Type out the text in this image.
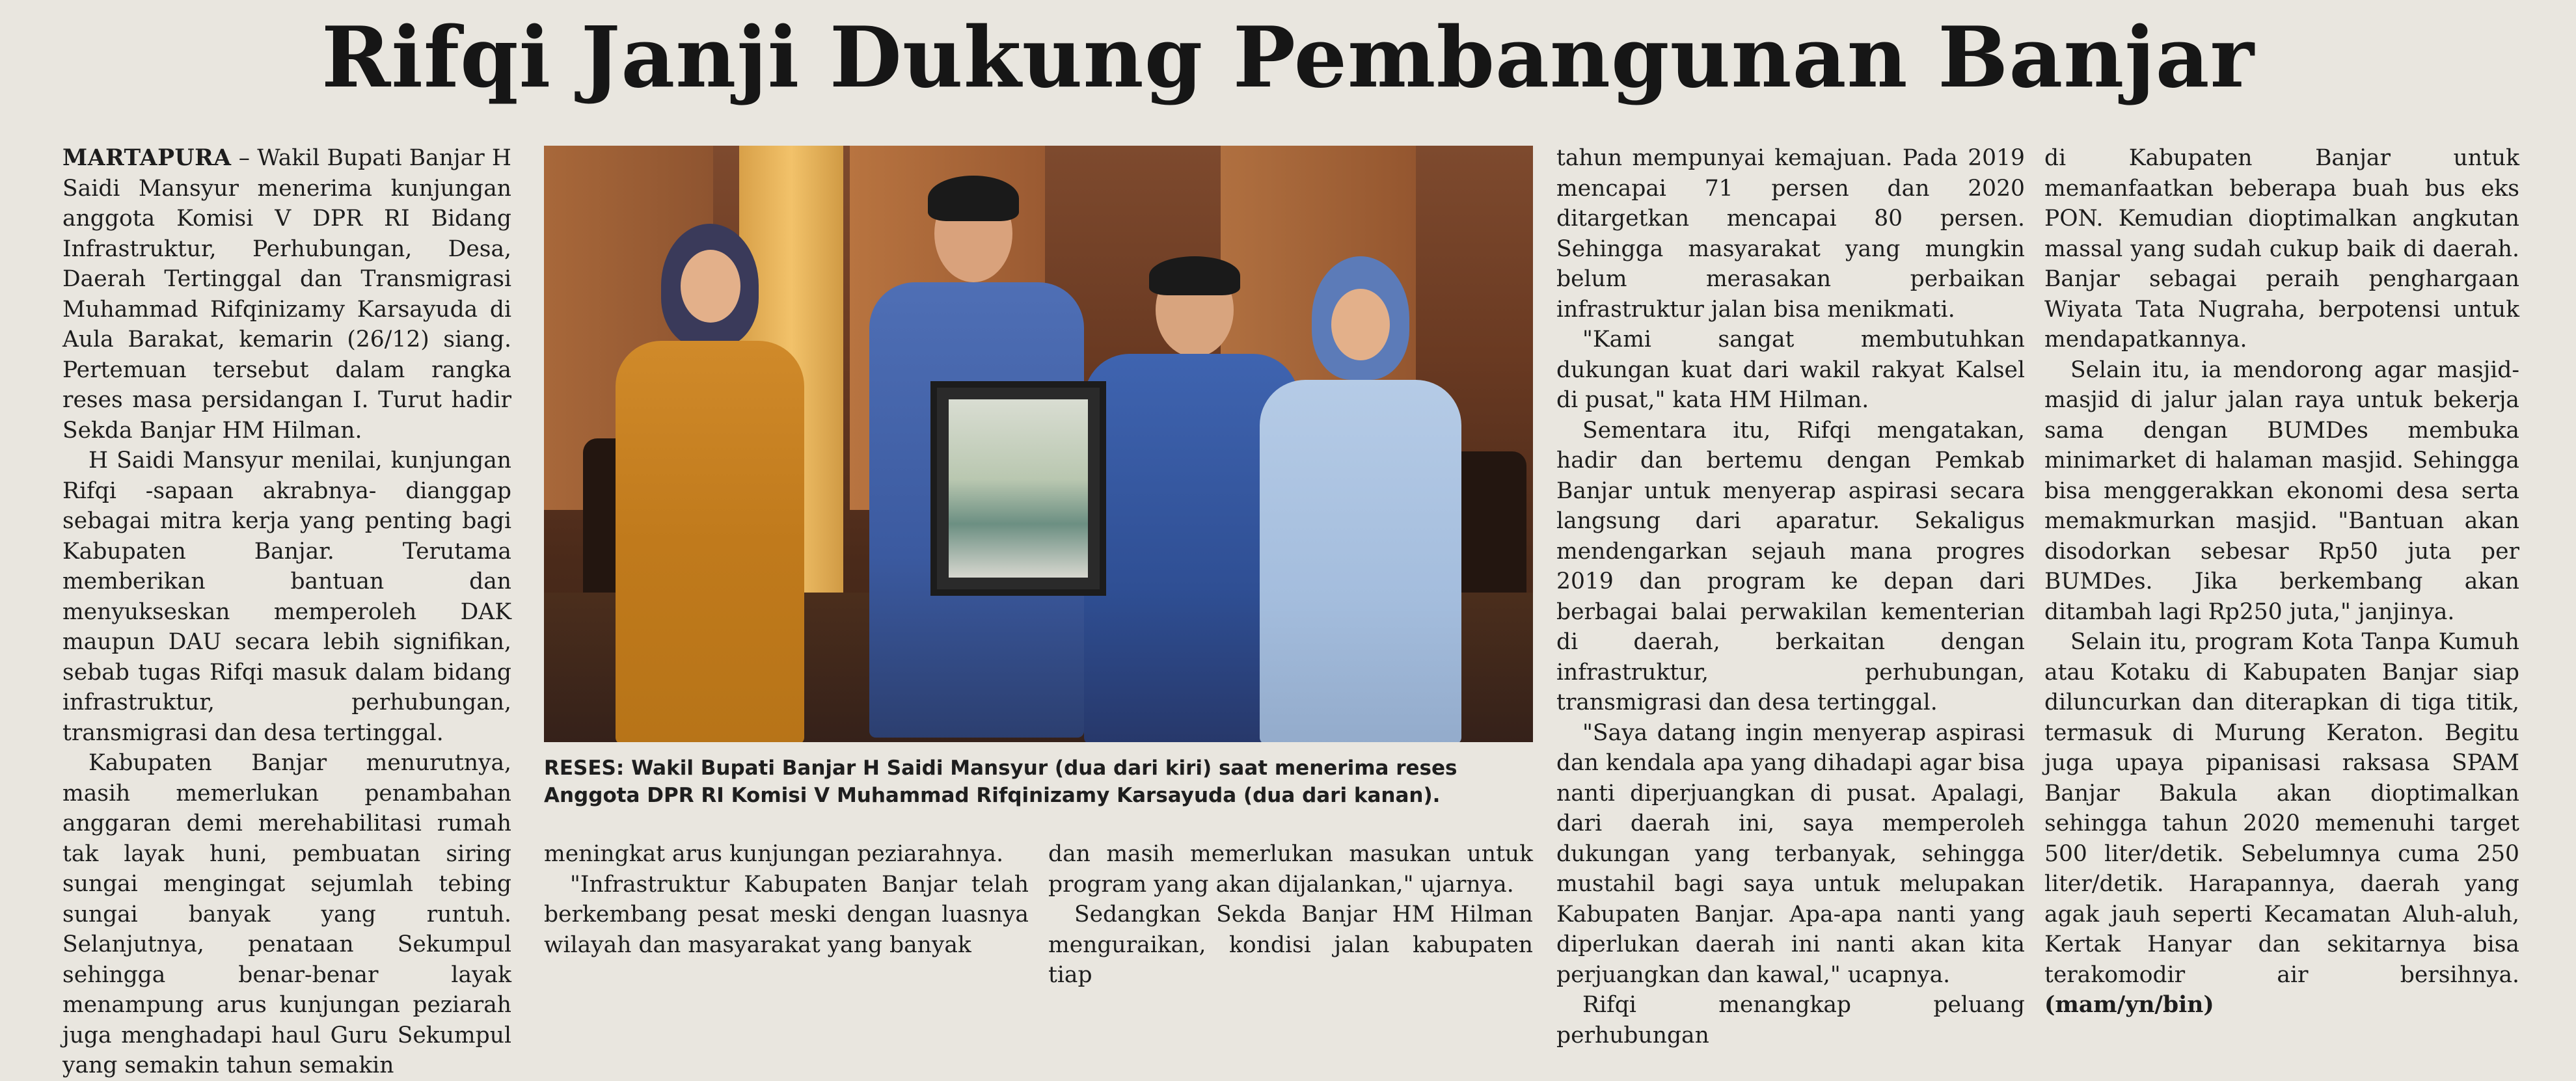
Rifqi Janji Dukung Pembangunan Banjar

MARTAPURA – Wakil Bupati Banjar H Saidi Mansyur menerima kunjungan anggota Komisi V DPR RI Bidang Infrastruktur, Perhubungan, Desa, Daerah Tertinggal dan Transmigrasi Muhammad Rifqinizamy Karsayuda di Aula Barakat, kemarin (26/12) siang. Pertemuan tersebut dalam rangka reses masa persidangan I. Turut hadir Sekda Banjar HM Hilman.

H Saidi Mansyur menilai, kunjungan Rifqi -sapaan akrabnya- dianggap sebagai mitra kerja yang penting bagi Kabupaten Banjar. Terutama memberikan bantuan dan menyukseskan memperoleh DAK maupun DAU secara lebih signifikan, sebab tugas Rifqi masuk dalam bidang infrastruktur, perhubungan, transmigrasi dan desa tertinggal.

Kabupaten Banjar menurutnya, masih memerlukan penambahan anggaran demi merehabilitasi rumah tak layak huni, pembuatan siring sungai mengingat sejumlah tebing sungai banyak yang runtuh. Selanjutnya, penataan Sekumpul sehingga benar-benar layak menampung arus kunjungan peziarah juga menghadapi haul Guru Sekumpul yang semakin tahun semakin

RESES: Wakil Bupati Banjar H Saidi Mansyur (dua dari kiri) saat menerima reses Anggota DPR RI Komisi V Muhammad Rifqinizamy Karsayuda (dua dari kanan).

meningkat arus kunjungan peziarahnya.

"Infrastruktur Kabupaten Banjar telah berkembang pesat meski dengan luasnya wilayah dan masyarakat yang banyak

dan masih memerlukan masukan untuk program yang akan dijalankan," ujarnya.

Sedangkan Sekda Banjar HM Hilman menguraikan, kondisi jalan kabupaten tiap

tahun mempunyai kemajuan. Pada 2019 mencapai 71 persen dan 2020 ditargetkan mencapai 80 persen. Sehingga masyarakat yang mungkin belum merasakan perbaikan infrastruktur jalan bisa menikmati.

"Kami sangat membutuhkan dukungan kuat dari wakil rakyat Kalsel di pusat," kata HM Hilman.

Sementara itu, Rifqi mengatakan, hadir dan bertemu dengan Pemkab Banjar untuk menyerap aspirasi secara langsung dari aparatur. Sekaligus mendengarkan sejauh mana progres 2019 dan program ke depan dari berbagai balai perwakilan kementerian di daerah, berkaitan dengan infrastruktur, perhubungan, transmigrasi dan desa tertinggal.

"Saya datang ingin menyerap aspirasi dan kendala apa yang dihadapi agar bisa nanti diperjuangkan di pusat. Apalagi, dari daerah ini, saya memperoleh dukungan yang terbanyak, sehingga mustahil bagi saya untuk melupakan Kabupaten Banjar. Apa-apa nanti yang diperlukan daerah ini nanti akan kita perjuangkan dan kawal," ucapnya.

Rifqi menangkap peluang perhubungan

di Kabupaten Banjar untuk memanfaatkan beberapa buah bus eks PON. Kemudian dioptimalkan angkutan massal yang sudah cukup baik di daerah. Banjar sebagai peraih penghargaan Wiyata Tata Nugraha, berpotensi untuk mendapatkannya.

Selain itu, ia mendorong agar masjid-masjid di jalur jalan raya untuk bekerja sama dengan BUMDes membuka minimarket di halaman masjid. Sehingga bisa menggerakkan ekonomi desa serta memakmurkan masjid. "Bantuan akan disodorkan sebesar Rp50 juta per BUMDes. Jika berkembang akan ditambah lagi Rp250 juta," janjinya.

Selain itu, program Kota Tanpa Kumuh atau Kotaku di Kabupaten Banjar siap diluncurkan dan diterapkan di tiga titik, termasuk di Murung Keraton. Begitu juga upaya pipanisasi raksasa SPAM Banjar Bakula akan dioptimalkan sehingga tahun 2020 memenuhi target 500 liter/detik. Sebelumnya cuma 250 liter/detik. Harapannya, daerah yang agak jauh seperti Kecamatan Aluh-aluh, Kertak Hanyar dan sekitarnya bisa terakomodir air bersihnya. (mam/yn/bin)
